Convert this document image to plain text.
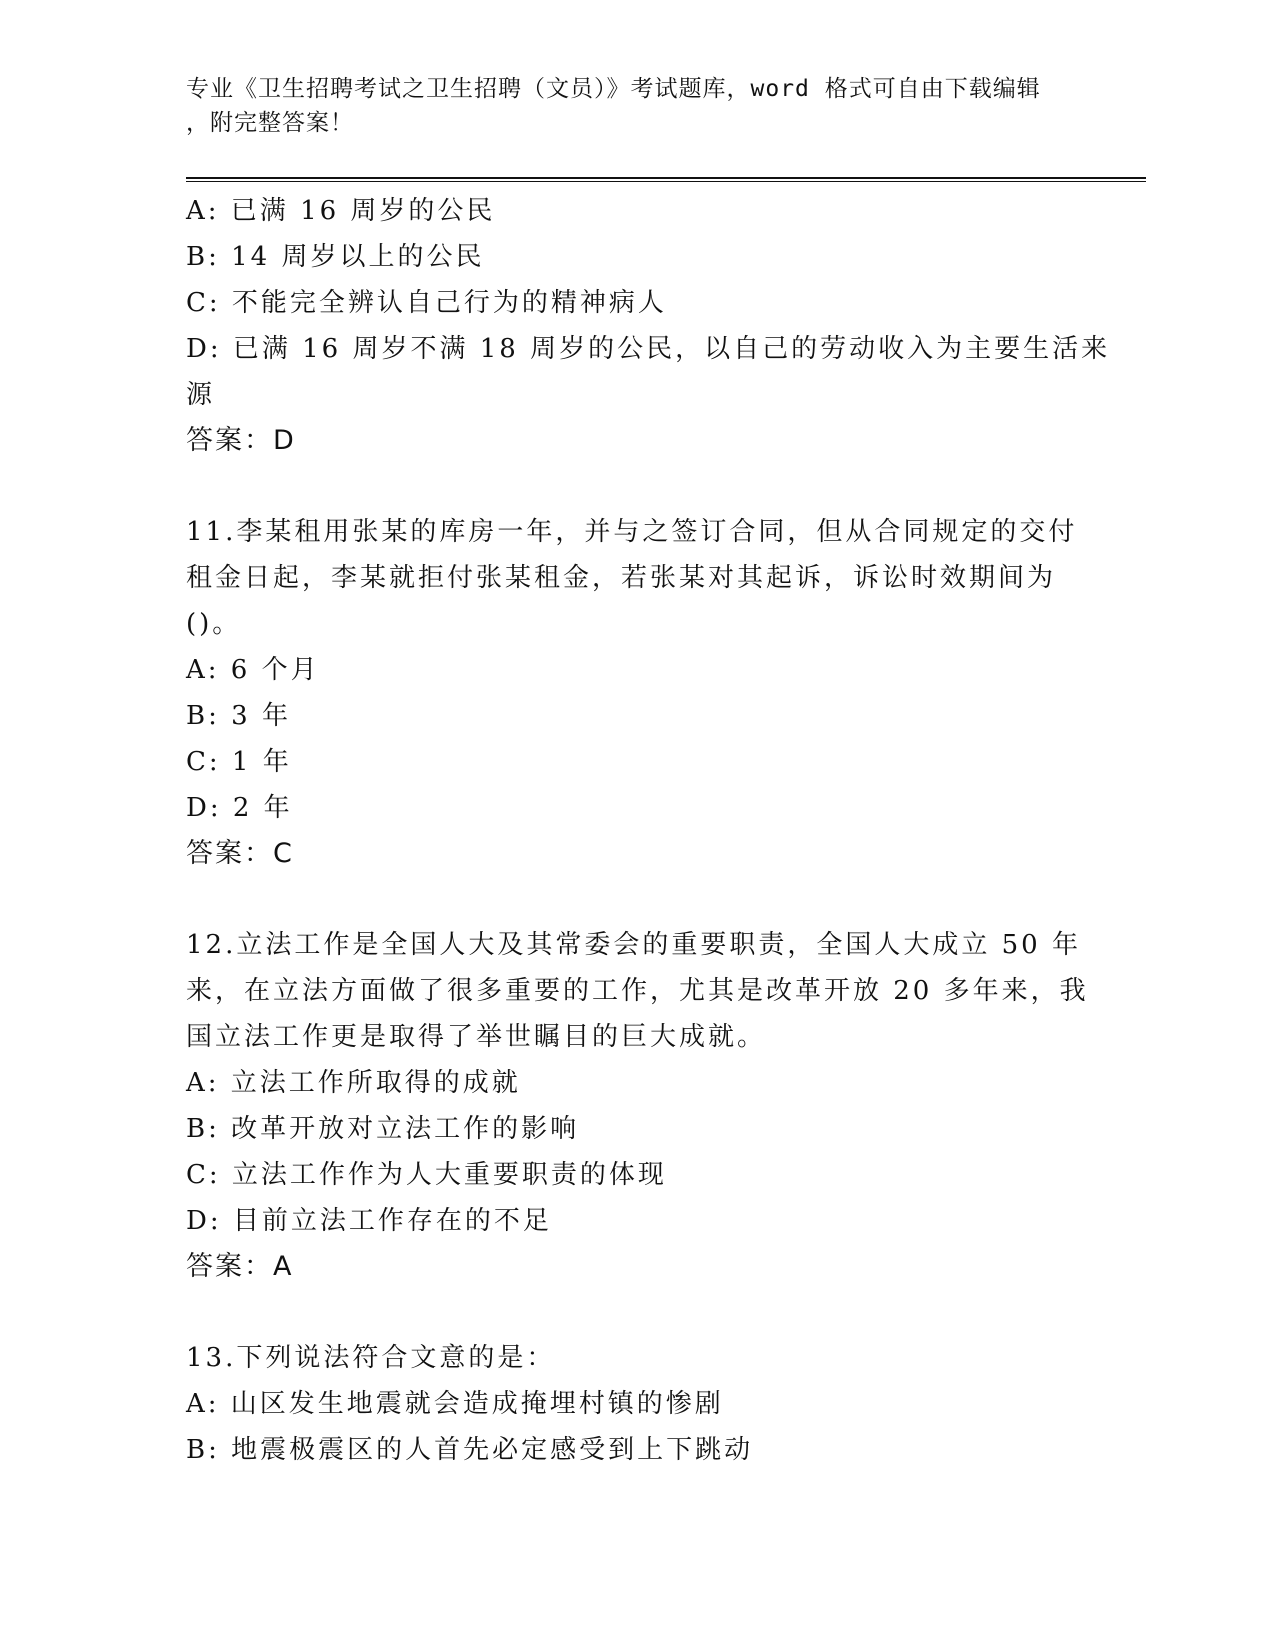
专业《卫生招聘考试之卫生招聘（文员）》考试题库，word 格式可自由下载编辑
，附完整答案！
A: 已满 16 周岁的公民
B: 14 周岁以上的公民
C: 不能完全辨认自己行为的精神病人
D: 已满 16 周岁不满 18 周岁的公民，以自己的劳动收入为主要生活来
源
答案：D
11.李某租用张某的库房一年，并与之签订合同，但从合同规定的交付
租金日起，李某就拒付张某租金，若张某对其起诉，诉讼时效期间为
()。
A: 6 个月
B: 3 年
C: 1 年
D: 2 年
答案：C
12.立法工作是全国人大及其常委会的重要职责，全国人大成立 50 年
来，在立法方面做了很多重要的工作，尤其是改革开放 20 多年来，我
国立法工作更是取得了举世瞩目的巨大成就。
A: 立法工作所取得的成就
B: 改革开放对立法工作的影响
C: 立法工作作为人大重要职责的体现
D: 目前立法工作存在的不足
答案：A
13.下列说法符合文意的是：
A: 山区发生地震就会造成掩埋村镇的惨剧
B: 地震极震区的人首先必定感受到上下跳动
